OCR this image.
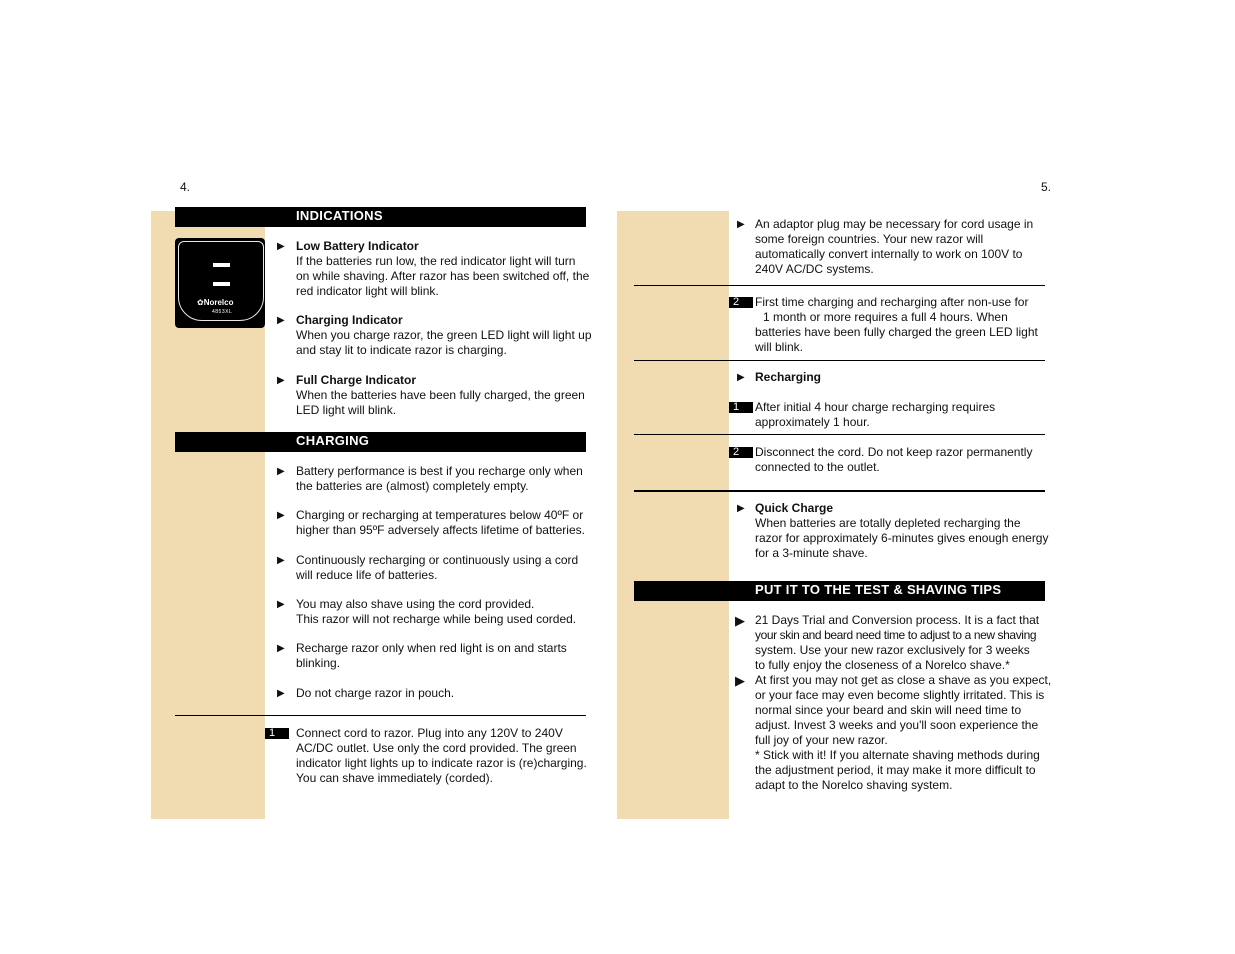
4.
INDICATIONS
✿Norelco
4853XL
▶ Low Battery Indicator
If the batteries run low, the red indicator light will turn
on while shaving. After razor has been switched off, the
red indicator light will blink.
▶ Charging Indicator
When you charge razor, the green LED light will light up
and stay lit to indicate razor is charging.
▶ Full Charge Indicator
When the batteries have been fully charged, the green
LED light will blink.
CHARGING
▶ Battery performance is best if you recharge only when
the batteries are (almost) completely empty.
▶ Charging or recharging at temperatures below 40ºF or
higher than 95ºF adversely affects lifetime of batteries.
▶ Continuously recharging or continuously using a cord
will reduce life of batteries.
▶ You may also shave using the cord provided.
This razor will not recharge while being used corded.
▶ Recharge razor only when red light is on and starts
blinking.
▶ Do not charge razor in pouch.
1	Connect cord to razor. Plug into any 120V to 240V
AC/DC outlet. Use only the cord provided. The green
indicator light lights up to indicate razor is (re)charging.
You can shave immediately (corded).
5.
▶ An adaptor plug may be necessary for cord usage in
some foreign countries. Your new razor will
automatically convert internally to work on 100V to
240V AC/DC systems.
2	First time charging and recharging after non-use for
1 month or more requires a full 4 hours. When
batteries have been fully charged the green LED light
will blink.
▶ Recharging
1	After initial 4 hour charge recharging requires
approximately 1 hour.
2	Disconnect the cord. Do not keep razor permanently
connected to the outlet.
▶ Quick Charge
When batteries are totally depleted recharging the
razor for approximately 6-minutes gives enough energy
for a 3-minute shave.
PUT IT TO THE TEST & SHAVING TIPS
▶ 21 Days Trial and Conversion process. It is a fact that
your skin and beard need time to adjust to a new shaving
system. Use your new razor exclusively for 3 weeks
to fully enjoy the closeness of a Norelco shave.*
▶ At first you may not get as close a shave as you expect,
or your face may even become slightly irritated. This is
normal since your beard and skin will need time to
adjust. Invest 3 weeks and you'll soon experience the
full joy of your new razor.
* Stick with it! If you alternate shaving methods during
the adjustment period, it may make it more difficult to
adapt to the Norelco shaving system.
